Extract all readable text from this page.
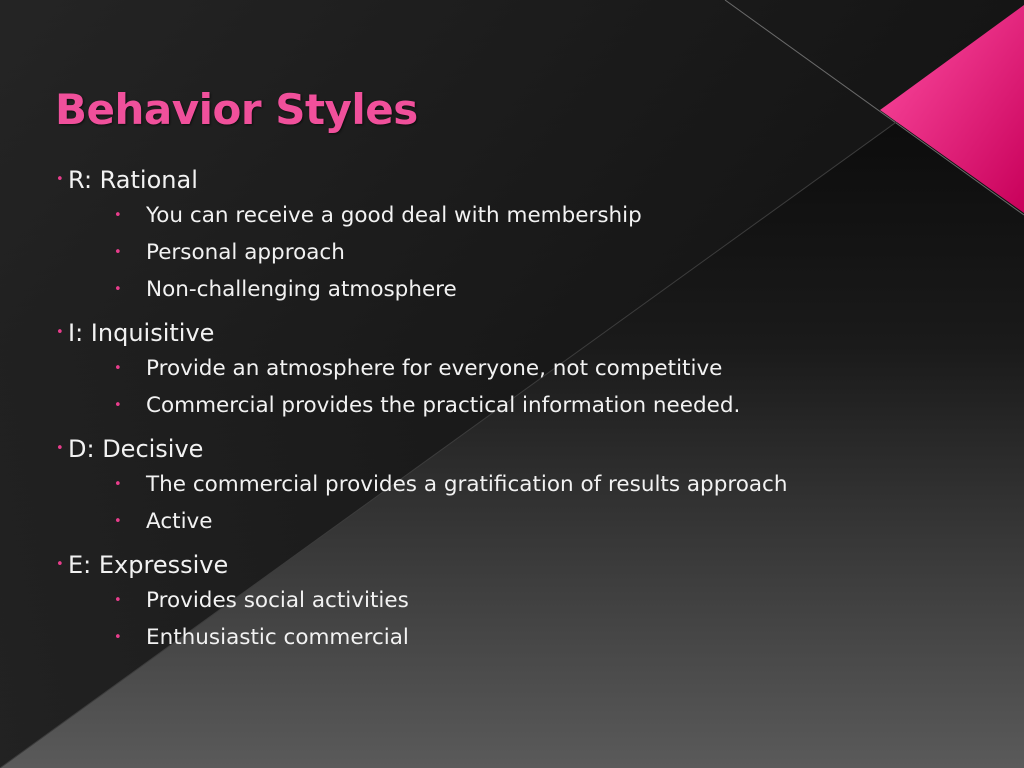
Behavior Styles
• R: Rational
• You can receive a good deal with membership
• Personal approach
• Non-challenging atmosphere
• I: Inquisitive
• Provide an atmosphere for everyone, not competitive
• Commercial provides the practical information needed.
• D: Decisive
• The commercial provides a gratification of results approach
• Active
• E: Expressive
• Provides social activities
• Enthusiastic commercial
